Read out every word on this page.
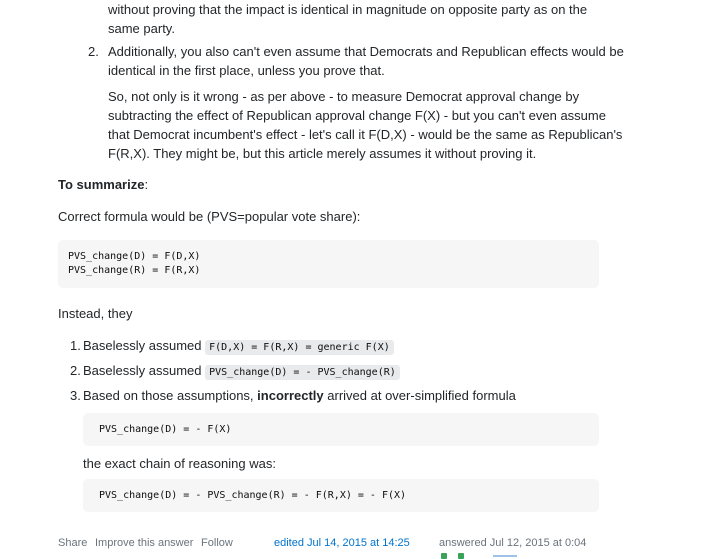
without proving that the impact is identical in magnitude on opposite party as on the
same party.
2. Additionally, you also can't even assume that Democrats and Republican effects would be
identical in the first place, unless you prove that.
So, not only is it wrong - as per above - to measure Democrat approval change by
subtracting the effect of Republican approval change F(X) - but you can't even assume
that Democrat incumbent's effect - let's call it F(D,X) - would be the same as Republican's
F(R,X). They might be, but this article merely assumes it without proving it.
To summarize:
Correct formula would be (PVS=popular vote share):
PVS_change(D) = F(D,X)
PVS_change(R) = F(R,X)
Instead, they
1. Baselessly assumed F(D,X) = F(R,X) = generic F(X)
2. Baselessly assumed PVS_change(D) = - PVS_change(R)
3. Based on those assumptions, incorrectly arrived at over-simplified formula
PVS_change(D) = - F(X)
the exact chain of reasoning was:
PVS_change(D) = - PVS_change(R) = - F(R,X) = - F(X)
Share Improve this answer Follow	edited Jul 14, 2015 at 14:25	answered Jul 12, 2015 at 0:04
